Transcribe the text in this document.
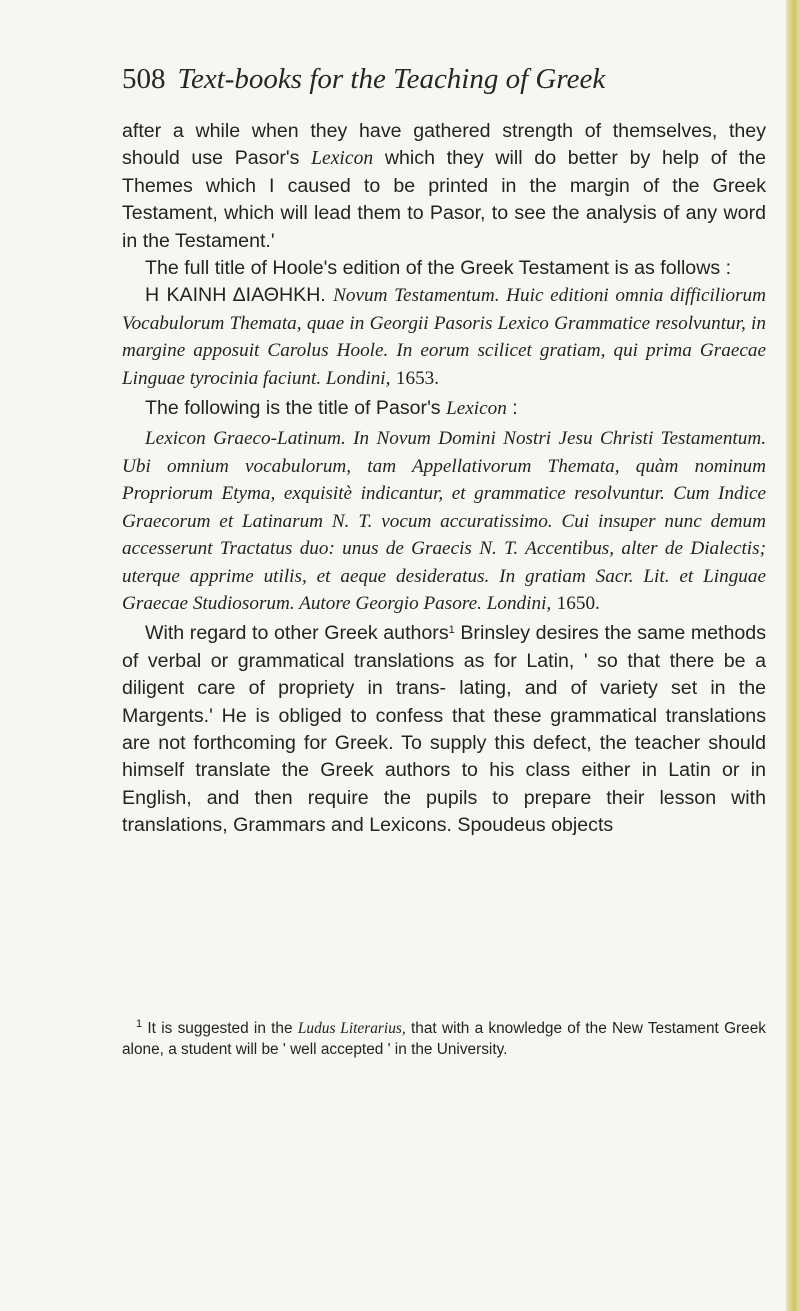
508 Text-books for the Teaching of Greek

after a while when they have gathered strength of themselves, they should use Pasor's Lexicon which they will do better by help of the Themes which I caused to be printed in the margin of the Greek Testament, which will lead them to Pasor, to see the analysis of any word in the Testament.'

The full title of Hoole's edition of the Greek Testament is as follows :

Η ΚΑΙΝΗ ΔΙΑΘΗΚΗ. Novum Testamentum. Huic editioni omnia difficiliorum Vocabulorum Themata, quae in Georgii Pasoris Lexico Grammatice resolvuntur, in margine apposuit Carolus Hoole. In eorum scilicet gratiam, qui prima Graecae Linguae tyrocinia faciunt. Londini, 1653.

The following is the title of Pasor's Lexicon :

Lexicon Graeco-Latinum. In Novum Domini Nostri Jesu Christi Testamentum. Ubi omnium vocabulorum, tam Appellativorum Themata, quàm nominum Propriorum Etyma, exquisitè indicantur, et grammatice resolvuntur. Cum Indice Graecorum et Latinarum N. T. vocum accuratissimo. Cui insuper nunc demum accesserunt Tractatus duo: unus de Graecis N. T. Accentibus, alter de Dialectis; uterque apprime utilis, et aeque desideratus. In gratiam Sacr. Lit. et Linguae Graecae Studiosorum. Autore Georgio Pasore. Londini, 1650.

With regard to other Greek authors$^1$ Brinsley desires the same methods of verbal or grammatical translations as for Latin, ' so that there be a diligent care of propriety in trans- lating, and of variety set in the Margents.' He is obliged to confess that these grammatical translations are not forthcoming for Greek. To supply this defect, the teacher should himself translate the Greek authors to his class either in Latin or in English, and then require the pupils to prepare their lesson with translations, Grammars and Lexicons. Spoudeus objects

$^1$ It is suggested in the Ludus Literarius, that with a knowledge of the New Testament Greek alone, a student will be ' well accepted ' in the University.
